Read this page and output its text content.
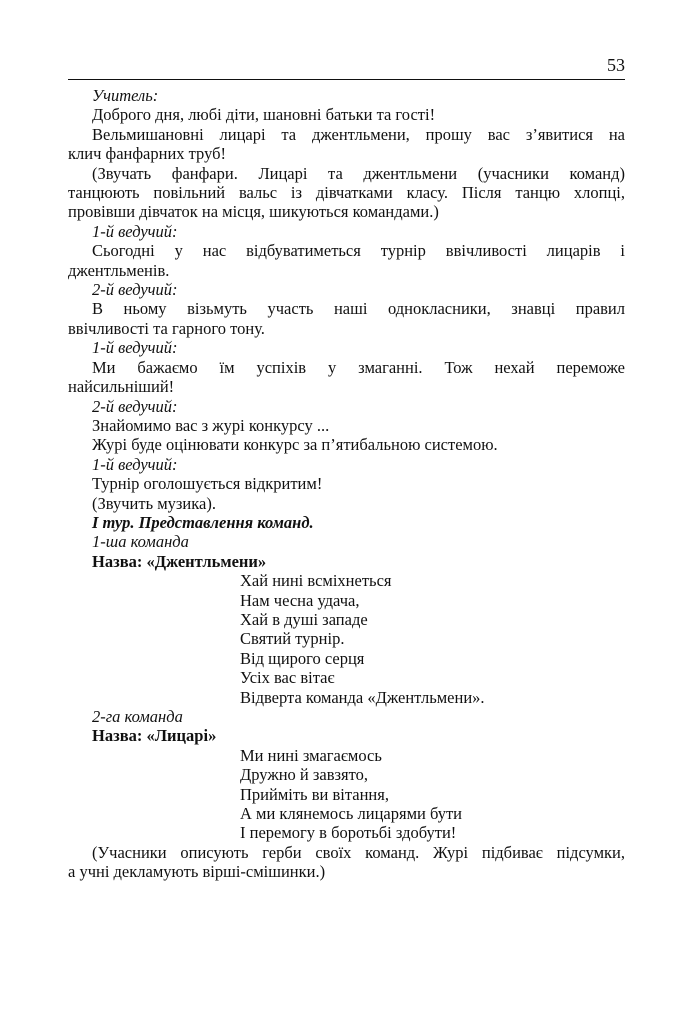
53
Учитель:
Доброго дня, любі діти, шановні батьки та гості!
Вельмишановні лицарі та джентльмени, прошу вас з’явитися на
клич фанфарних труб!
(Звучать фанфари. Лицарі та джентльмени (учасники команд)
танцюють повільний вальс із дівчатками класу. Після танцю хлопці,
провівши дівчаток на місця, шикуються командами.)
1-й ведучий:
Сьогодні у нас відбуватиметься турнір ввічливості лицарів і
джентльменів.
2-й ведучий:
В ньому візьмуть участь наші однокласники, знавці правил
ввічливості та гарного тону.
1-й ведучий:
Ми бажаємо їм успіхів у змаганні. Тож нехай переможе
найсильніший!
2-й ведучий:
Знайомимо вас з журі конкурсу ...
Журі буде оцінювати конкурс за п’ятибальною системою.
1-й ведучий:
Турнір оголошується відкритим!
(Звучить музика).
І тур. Представлення команд.
1-ша команда
Назва: «Джентльмени»
Хай нині всміхнеться
Нам чесна удача,
Хай в душі западе
Святий турнір.
Від щирого серця
Усіх вас вітає
Відверта команда «Джентльмени».
2-га команда
Назва: «Лицарі»
Ми нині змагаємось
Дружно й завзято,
Прийміть ви вітання,
А ми клянемось лицарями бути
І перемогу в боротьбі здобути!
(Учасники описують герби своїх команд. Журі підбиває підсумки,
а учні декламують вірші-смішинки.)
